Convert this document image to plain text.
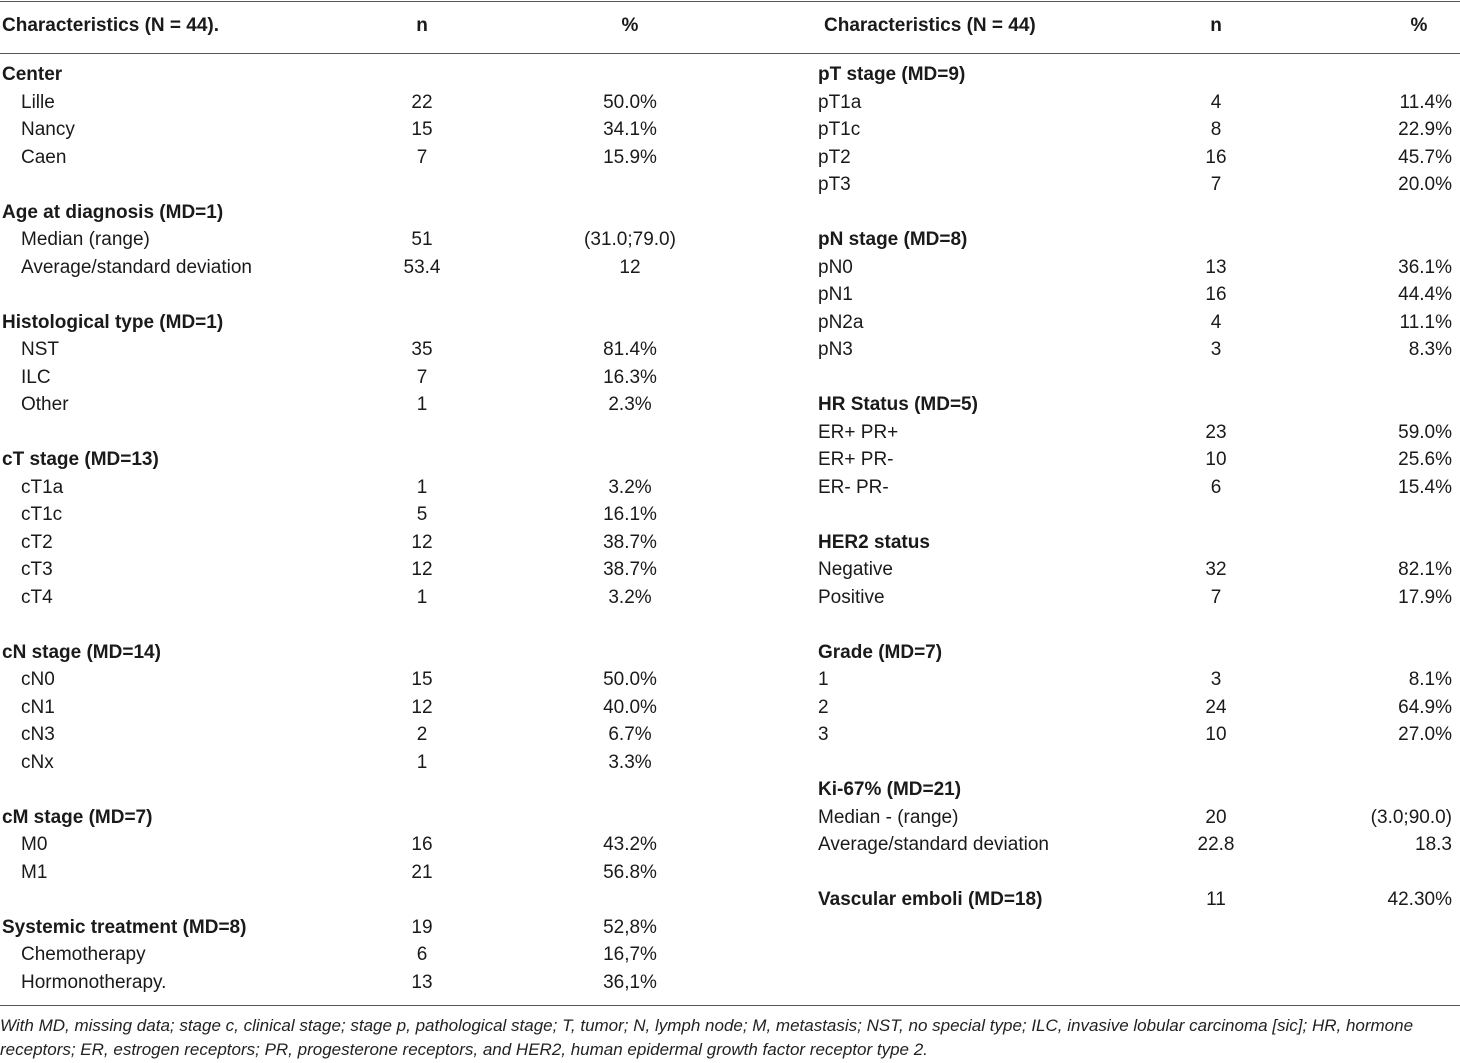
Characteristics (N = 44).	n	%	Characteristics (N = 44)	n	%
Center
Lille	22	50.0%
Nancy	15	34.1%
Caen	7	15.9%
Age at diagnosis (MD=1)
Median (range)	51	(31.0;79.0)
Average/standard deviation	53.4	12
Histological type (MD=1)
NST	35	81.4%
ILC	7	16.3%
Other	1	2.3%
cT stage (MD=13)
cT1a	1	3.2%
cT1c	5	16.1%
cT2	12	38.7%
cT3	12	38.7%
cT4	1	3.2%
cN stage (MD=14)
cN0	15	50.0%
cN1	12	40.0%
cN3	2	6.7%
cNx	1	3.3%
cM stage (MD=7)
M0	16	43.2%
M1	21	56.8%
Systemic treatment (MD=8)	19	52,8%
Chemotherapy	6	16,7%
Hormonotherapy.	13	36,1%
pT stage (MD=9)
pT1a	4	11.4%
pT1c	8	22.9%
pT2	16	45.7%
pT3	7	20.0%
pN stage (MD=8)
pN0	13	36.1%
pN1	16	44.4%
pN2a	4	11.1%
pN3	3	8.3%
HR Status (MD=5)
ER+ PR+	23	59.0%
ER+ PR-	10	25.6%
ER- PR-	6	15.4%
HER2 status
Negative	32	82.1%
Positive	7	17.9%
Grade (MD=7)
1	3	8.1%
2	24	64.9%
3	10	27.0%
Ki-67% (MD=21)
Median - (range)	20	(3.0;90.0)
Average/standard deviation	22.8	18.3
Vascular emboli (MD=18)	11	42.30%
With MD, missing data; stage c, clinical stage; stage p, pathological stage; T, tumor; N, lymph node; M, metastasis; NST, no special type; ILC, invasive lobular carcinoma [sic]; HR, hormone receptors; ER, estrogen receptors; PR, progesterone receptors, and HER2, human epidermal growth factor receptor type 2.
